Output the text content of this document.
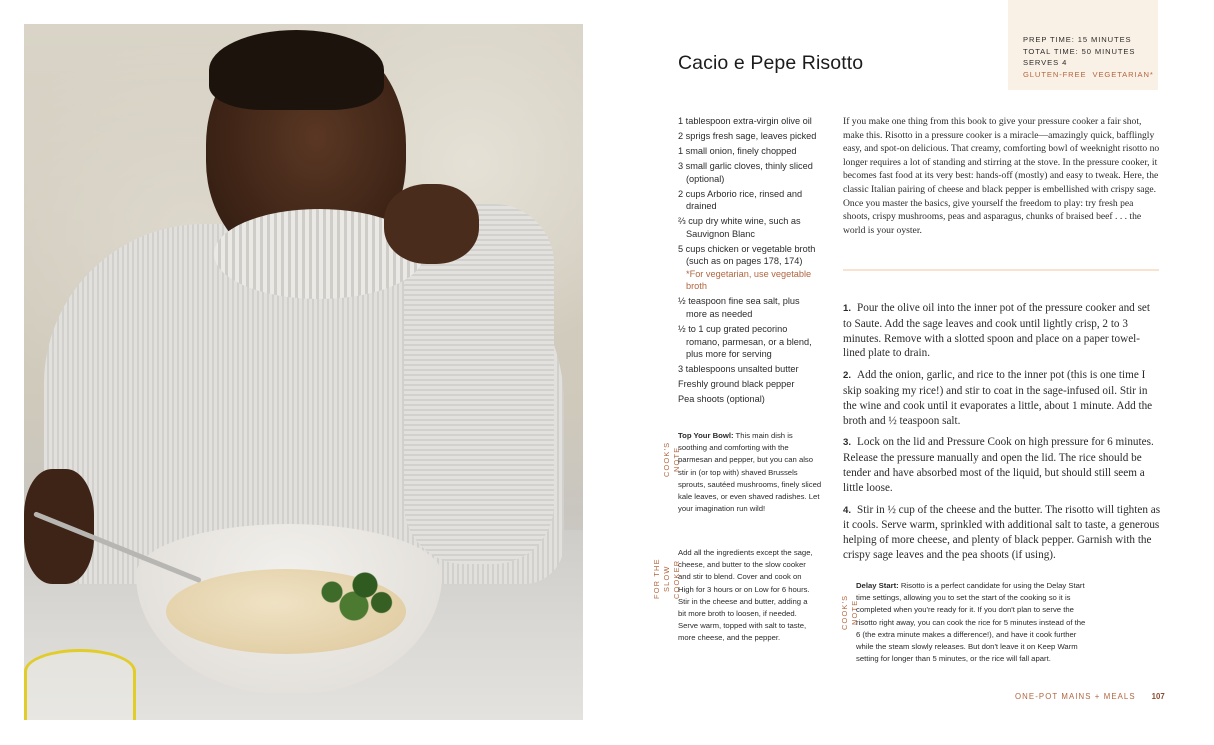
PREP TIME: 15 MINUTES
TOTAL TIME: 50 MINUTES
SERVES 4
GLUTEN-FREE  VEGETARIAN*
Cacio e Pepe Risotto
1 tablespoon extra-virgin olive oil
2 sprigs fresh sage, leaves picked
1 small onion, finely chopped
3 small garlic cloves, thinly sliced (optional)
2 cups Arborio rice, rinsed and drained
⅔ cup dry white wine, such as Sauvignon Blanc
5 cups chicken or vegetable broth (such as on pages 178, 174) *For vegetarian, use vegetable broth
½ teaspoon fine sea salt, plus more as needed
½ to 1 cup grated pecorino romano, parmesan, or a blend, plus more for serving
3 tablespoons unsalted butter
Freshly ground black pepper
Pea shoots (optional)
COOK'S NOTE
Top Your Bowl: This main dish is soothing and comforting with the parmesan and pepper, but you can also stir in (or top with) shaved Brussels sprouts, sautéed mushrooms, finely sliced kale leaves, or even shaved radishes. Let your imagination run wild!
FOR THE
SLOW COOKER
Add all the ingredients except the sage, cheese, and butter to the slow cooker and stir to blend. Cover and cook on High for 3 hours or on Low for 6 hours. Stir in the cheese and butter, adding a bit more broth to loosen, if needed. Serve warm, topped with salt to taste, more cheese, and the pepper.

If you make one thing from this book to give your pressure cooker a fair shot, make this. Risotto in a pressure cooker is a miracle—amazingly quick, bafflingly easy, and spot-on delicious. That creamy, comforting bowl of weeknight risotto no longer requires a lot of standing and stirring at the stove. In the pressure cooker, it becomes fast food at its very best: hands-off (mostly) and easy to tweak. Here, the classic Italian pairing of cheese and black pepper is embellished with crispy sage. Once you master the basics, give yourself the freedom to play: try fresh pea shoots, crispy mushrooms, peas and asparagus, chunks of braised beef . . . the world is your oyster.

1. Pour the olive oil into the inner pot of the pressure cooker and set to Saute. Add the sage leaves and cook until lightly crisp, 2 to 3 minutes. Remove with a slotted spoon and place on a paper towel-lined plate to drain.
2. Add the onion, garlic, and rice to the inner pot (this is one time I skip soaking my rice!) and stir to coat in the sage-infused oil. Stir in the wine and cook until it evaporates a little, about 1 minute. Add the broth and ½ teaspoon salt.
3. Lock on the lid and Pressure Cook on high pressure for 6 minutes. Release the pressure manually and open the lid. The rice should be tender and have absorbed most of the liquid, but should still seem a little loose.
4. Stir in ½ cup of the cheese and the butter. The risotto will tighten as it cools. Serve warm, sprinkled with additional salt to taste, a generous helping of more cheese, and plenty of black pepper. Garnish with the crispy sage leaves and the pea shoots (if using).
COOK'S NOTE
Delay Start: Risotto is a perfect candidate for using the Delay Start time settings, allowing you to set the start of the cooking so it is completed when you're ready for it. If you don't plan to serve the risotto right away, you can cook the rice for 5 minutes instead of the 6 (the extra minute makes a difference!), and have it cook further while the steam slowly releases. But don't leave it on Keep Warm setting for longer than 5 minutes, or the rice will fall apart.
ONE-POT MAINS + MEALS 107
